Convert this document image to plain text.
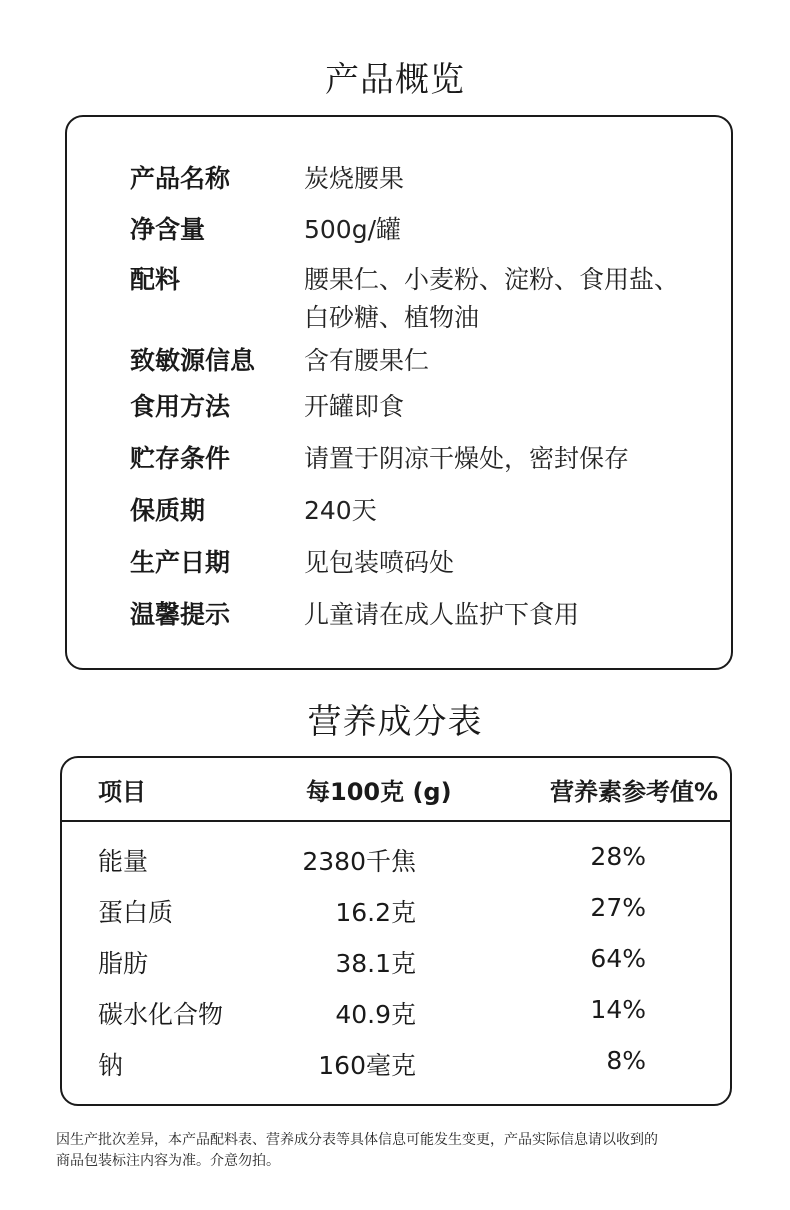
产品概览
产品名称	炭烧腰果
净含量	500g/罐
配料	腰果仁、小麦粉、淀粉、食用盐、
白砂糖、植物油
致敏源信息 含有腰果仁
食用方法	开罐即食
贮存条件	请置于阴凉干燥处，密封保存
保质期	240天
生产日期	见包装喷码处
温馨提示	儿童请在成人监护下食用
营养成分表
项目	每100克 (g)	营养素参考值%
能量	2380千焦	28%
蛋白质	16.2克	27%
脂肪	38.1克	64%
碳水化合物	40.9克	14%
钠	160毫克	8%
因生产批次差异，本产品配料表、营养成分表等具体信息可能发生变更，产品实际信息请以收到的
商品包装标注内容为准。介意勿拍。
